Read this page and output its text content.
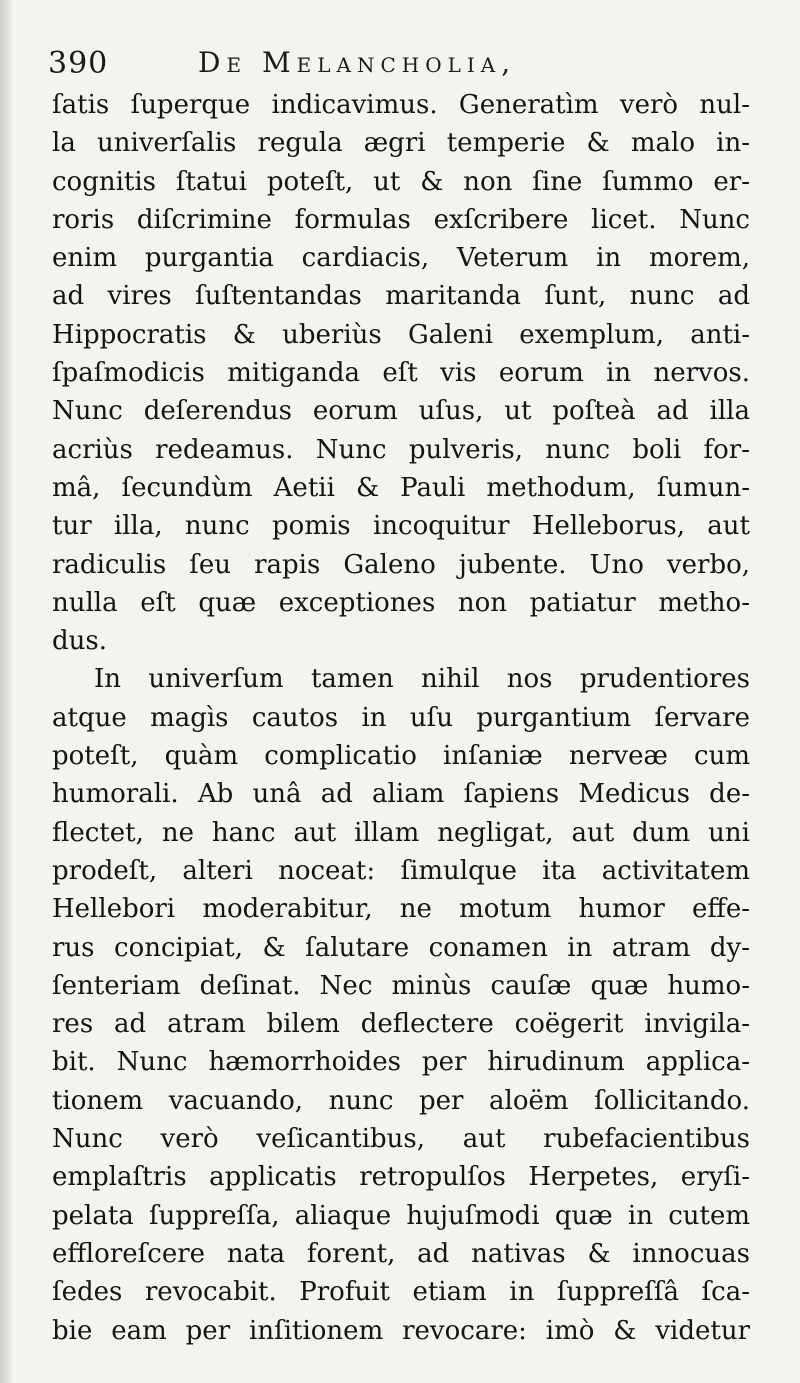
390	De Melancholia,
ſatis ſuperque indicavimus. Generatìm verò nul-
la univerſalis regula ægri temperie & malo in-
cognitis ſtatui poteſt, ut & non ſine ſummo er-
roris diſcrimine formulas exſcribere licet. Nunc
enim purgantia cardiacis, Veterum in morem,
ad vires ſuſtentandas maritanda ſunt, nunc ad
Hippocratis & uberiùs Galeni exemplum, anti-
ſpaſmodicis mitiganda eſt vis eorum in nervos.
Nunc deſerendus eorum uſus, ut poſteà ad illa
acriùs redeamus. Nunc pulveris, nunc boli for-
mâ, ſecundùm Aetii & Pauli methodum, ſumun-
tur illa, nunc pomis incoquitur Helleborus, aut
radiculis ſeu rapis Galeno jubente. Uno verbo,
nulla eſt quæ exceptiones non patiatur metho-
dus.
In univerſum tamen nihil nos prudentiores
atque magìs cautos in uſu purgantium ſervare
poteſt, quàm complicatio inſaniæ nerveæ cum
humorali. Ab unâ ad aliam ſapiens Medicus de-
flectet, ne hanc aut illam negligat, aut dum uni
prodeſt, alteri noceat: ſimulque ita activitatem
Hellebori moderabitur, ne motum humor effe-
rus concipiat, & ſalutare conamen in atram dy-
ſenteriam deſinat. Nec minùs cauſæ quæ humo-
res ad atram bilem deflectere coëgerit invigila-
bit. Nunc hæmorrhoides per hirudinum applica-
tionem vacuando, nunc per aloëm ſollicitando.
Nunc verò veſicantibus, aut rubefacientibus
emplaſtris applicatis retropulſos Herpetes, eryſi-
pelata ſuppreſſa, aliaque hujuſmodi quæ in cutem
efflorеſcere nata forent, ad nativas & innocuas
ſedes revocabit. Profuit etiam in ſuppreſſâ ſca-
bie eam per inſitionem revocare: imò & videtur
